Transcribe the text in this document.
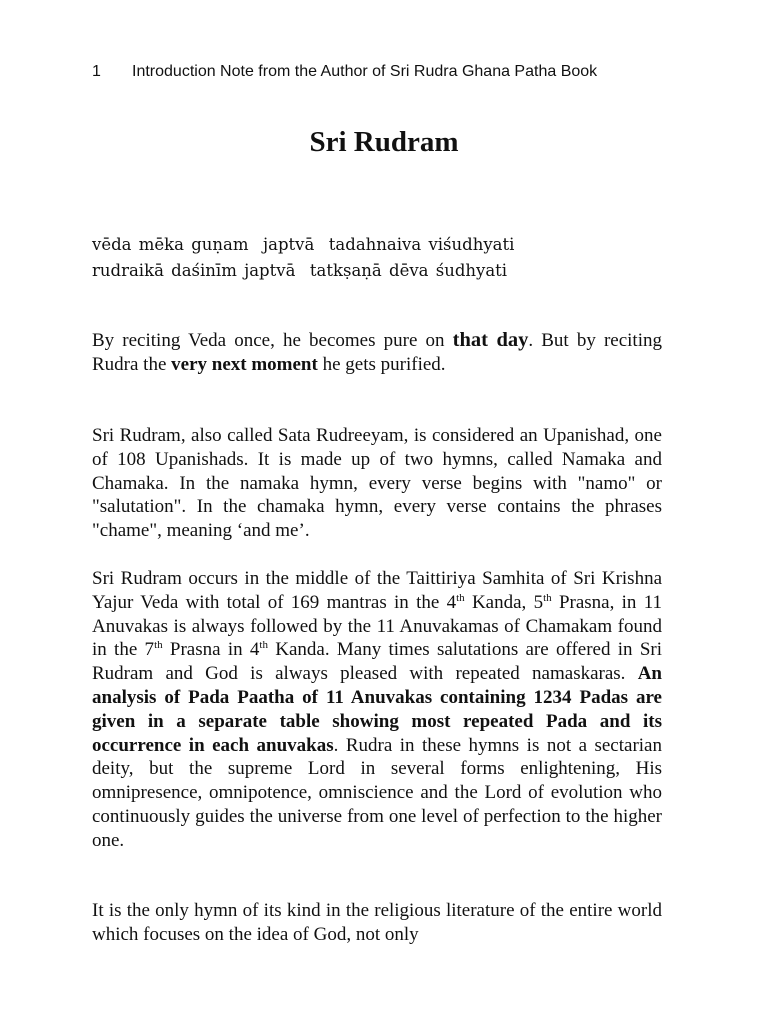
1 Introduction Note from the Author of Sri Rudra Ghana Patha Book
Sri Rudram
vēda mēka guṇam  japtvā  tadahnaiva viśudhyati
rudraikā daśinīm japtvā  tatkṣaṇā dēva śudhyati

By reciting Veda once, he becomes pure on that day. But by reciting Rudra the very next moment he gets purified.

Sri Rudram, also called Sata Rudreeyam, is considered an Upanishad, one of 108 Upanishads. It is made up of two hymns, called Namaka and Chamaka. In the namaka hymn, every verse begins with "namo" or "salutation". In the chamaka hymn, every verse contains the phrases "chame", meaning ‘and me’.

Sri Rudram occurs in the middle of the Taittiriya Samhita of Sri Krishna Yajur Veda with total of 169 mantras in the 4th Kanda, 5th Prasna, in 11 Anuvakas is always followed by the 11 Anuvakamas of Chamakam found in the 7th Prasna in 4th Kanda. Many times salutations are offered in Sri Rudram and God is always pleased with repeated namaskaras. An analysis of Pada Paatha of 11 Anuvakas containing 1234 Padas are given in a separate table showing most repeated Pada and its occurrence in each anuvakas. Rudra in these hymns is not a sectarian deity, but the supreme Lord in several forms enlightening, His omnipresence, omnipotence, omniscience and the Lord of evolution who continuously guides the universe from one level of perfection to the higher one.

It is the only hymn of its kind in the religious literature of the entire world which focuses on the idea of God, not only
